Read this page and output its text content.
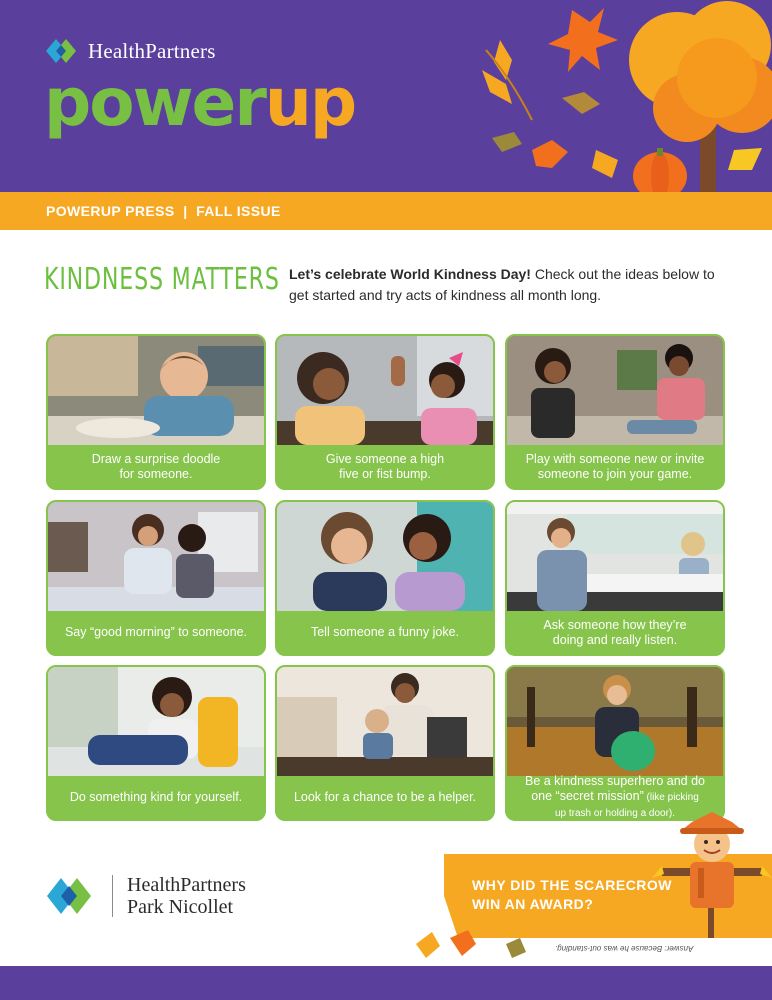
HealthPartners
powerup
POWERUP PRESS  |  FALL ISSUE
KINDNESS MATTERS Let’s celebrate World Kindness Day! Check out the ideas below to get started and try acts of kindness all month long.
Draw a surprise doodle
for someone.
Give someone a high
five or fist bump.
Play with someone new or invite
someone to join your game.
Say “good morning” to someone.	Tell someone a funny joke.
Ask someone how they’re
doing and really listen.
Do something kind for yourself.	Look for a chance to be a helper.
Be a kindness superhero and do
one “secret mission” (like picking
up trash or holding a door).
HealthPartners
Park Nicollet
WHY DID THE SCARECROW
WIN AN AWARD?
Answer: Because he was out-standing.
